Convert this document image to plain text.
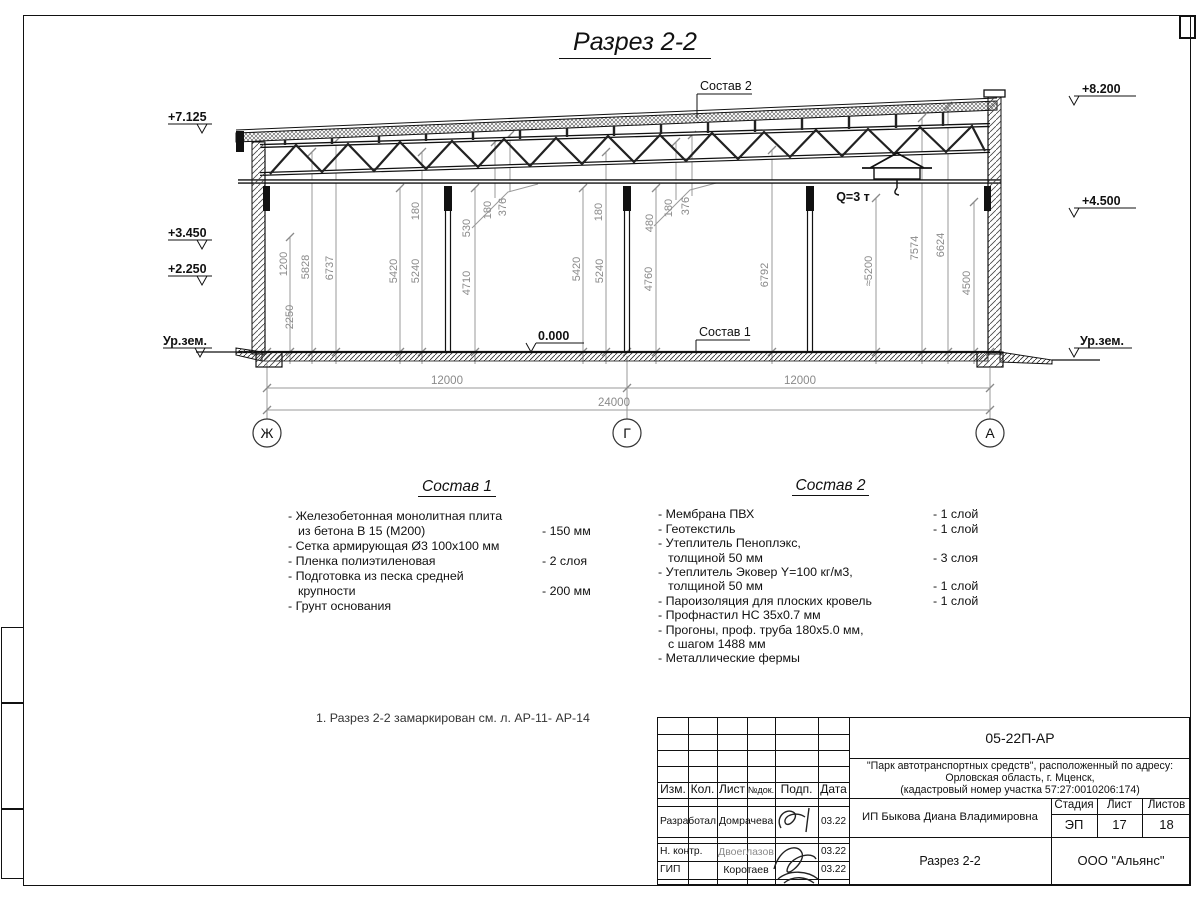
Разрез 2-2
+7.125
+3.450
+2.250
Ур.зем.	0.000
+8.200
+4.500
Ур.зем.
Состав 2
Состав 1
Q=3 т
2250
1200 5828 6737	5420 5240
180
530
180 376
4710
180
5420 5240
480
180 376
4760	6792	≈5200
7574 6624
4500
12000	12000
24000
Ж	Г	А
Состав 1
- Железобетонная монолитная плита
из бетона В 15 (М200)	- 150 мм
- Сетка армирующая Ø3 100х100 мм
- Пленка полиэтиленовая	- 2 слоя
- Подготовка из песка средней
крупности	- 200 мм
- Грунт основания
Состав 2
- Мембрана ПВХ	- 1 слой
- Геотекстиль	- 1 слой
- Утеплитель Пеноплэкс,
толщиной 50 мм	- 3 слоя
- Утеплитель Эковер Y=100 кг/м3,
толщиной 50 мм	- 1 слой
- Пароизоляция для плоских кровель	- 1 слой
- Профнастил НС 35х0.7 мм
- Прогоны, проф. труба 180х5.0 мм,
с шагом 1488 мм
- Металлические фермы
1. Разрез 2-2 замаркирован см. л. АР-11- АР-14
Изм. Кол. Лист №док. Подп. Дата
Разработал Домрачева	03.22
Н. контр.	Двоеглазов	03.22
ГИП	Коротаев	03.22
05-22П-АР
"Парк автотранспортных средств", расположенный по адресу:
Орловская область, г. Мценск,
(кадастровый номер участка 57:27:0010206:174)
ИП Быкова Диана Владимировна
Стадия	Лист	Листов
ЭП	17	18
Разрез 2-2	ООО "Альянс"
